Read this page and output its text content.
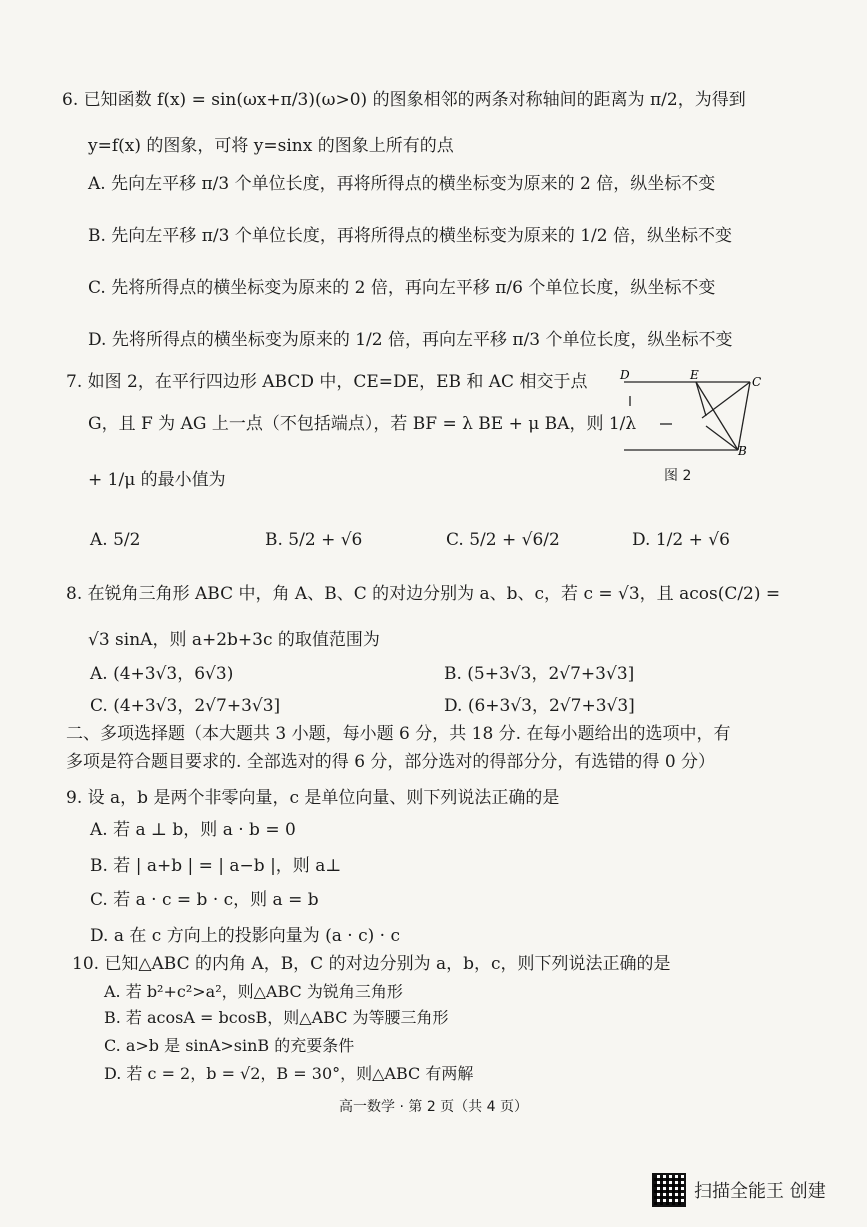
6. 已知函数 f(x) = sin(ωx+π/3)(ω>0) 的图象相邻的两条对称轴间的距离为 π/2，为得到
y=f(x) 的图象，可将 y=sinx 的图象上所有的点
A. 先向左平移 π/3 个单位长度，再将所得点的横坐标变为原来的 2 倍，纵坐标不变
B. 先向左平移 π/3 个单位长度，再将所得点的横坐标变为原来的 1/2 倍，纵坐标不变
C. 先将所得点的横坐标变为原来的 2 倍，再向左平移 π/6 个单位长度，纵坐标不变
D. 先将所得点的横坐标变为原来的 1/2 倍，再向左平移 π/3 个单位长度，纵坐标不变
7. 如图 2，在平行四边形 ABCD 中，CE=DE，EB 和 AC 相交于点
G，且 F 为 AG 上一点（不包括端点），若 BF = λ BE + μ BA，则 1/λ
+ 1/μ 的最小值为
D	E	C
B
图 2
A. 5/2	B. 5/2 + √6	C. 5/2 + √6/2	D. 1/2 + √6
8. 在锐角三角形 ABC 中，角 A、B、C 的对边分别为 a、b、c，若 c = √3，且 acos(C/2) =
√3 sinA，则 a+2b+3c 的取值范围为
A. (4+3√3，6√3)	B. (5+3√3，2√7+3√3]
C. (4+3√3，2√7+3√3]	D. (6+3√3，2√7+3√3]
二、多项选择题（本大题共 3 小题，每小题 6 分，共 18 分. 在每小题给出的选项中，有
多项是符合题目要求的. 全部选对的得 6 分，部分选对的得部分分，有选错的得 0 分）
9. 设 a，b 是两个非零向量，c 是单位向量、则下列说法正确的是
A. 若 a ⊥ b，则 a · b = 0
B. 若 | a+b | = | a−b |，则 a⊥
C. 若 a · c = b · c，则 a = b
D. a 在 c 方向上的投影向量为 (a · c) · c
10. 已知△ABC 的内角 A，B，C 的对边分别为 a，b，c，则下列说法正确的是
A. 若 b²+c²>a²，则△ABC 为锐角三角形
B. 若 acosA = bcosB，则△ABC 为等腰三角形
C. a>b 是 sinA>sinB 的充要条件
D. 若 c = 2，b = √2，B = 30°，则△ABC 有两解
高一数学 · 第 2 页（共 4 页）
扫描全能王 创建
